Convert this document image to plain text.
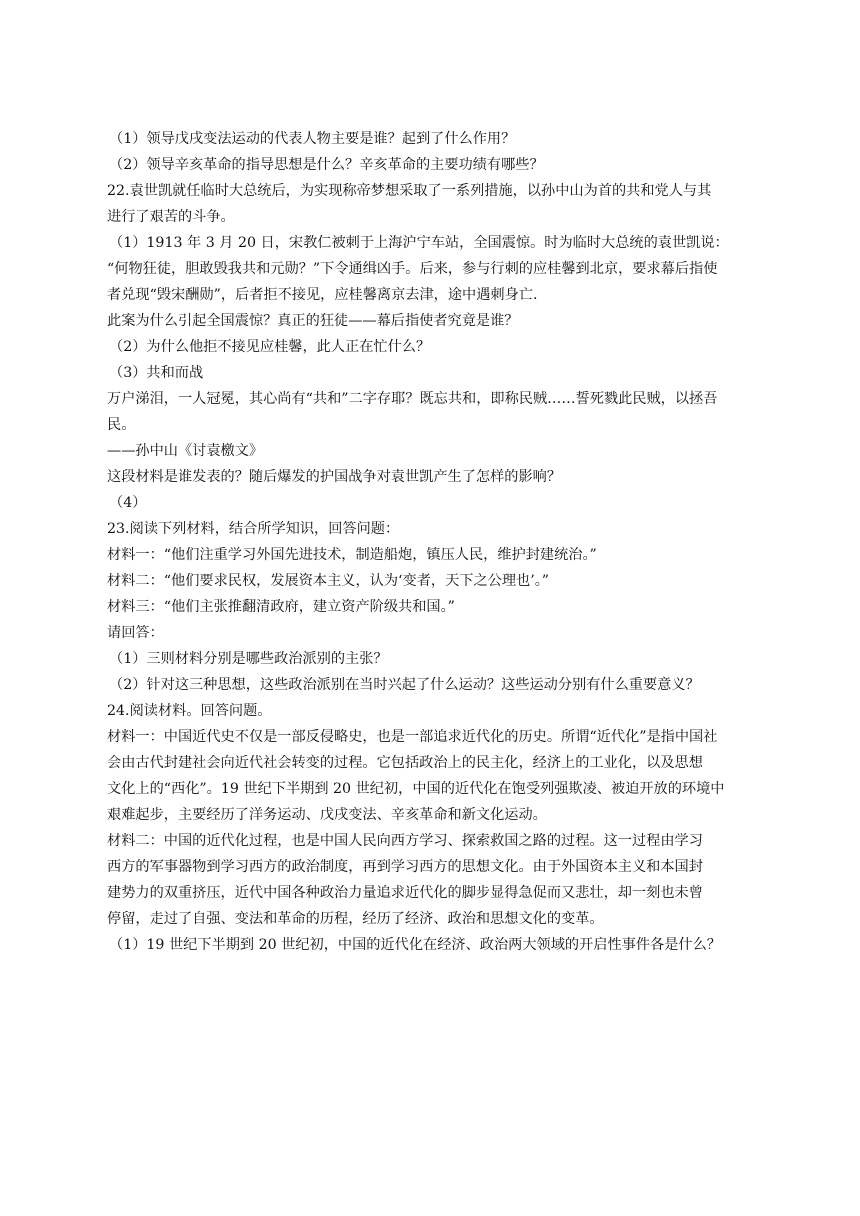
（1）领导戊戌变法运动的代表人物主要是谁？起到了什么作用？
（2）领导辛亥革命的指导思想是什么？辛亥革命的主要功绩有哪些？
22.袁世凯就任临时大总统后，为实现称帝梦想采取了一系列措施，以孙中山为首的共和党人与其
进行了艰苦的斗争。
（1）1913 年 3 月 20 日，宋教仁被刺于上海沪宁车站，全国震惊。时为临时大总统的袁世凯说：
“何物狂徒，胆敢毁我共和元勋？”下令通缉凶手。后来，参与行刺的应桂馨到北京，要求幕后指使
者兑现“毁宋酬勋”，后者拒不接见，应桂馨离京去津，途中遇刺身亡.
此案为什么引起全国震惊？真正的狂徒——幕后指使者究竟是谁？
（2）为什么他拒不接见应桂馨，此人正在忙什么？
（3）共和而战
万户涕泪，一人冠冕，其心尚有“共和”二字存耶？既忘共和，即称民贼……誓死戮此民贼，以拯吾
民。
——孙中山《讨袁檄文》
这段材料是谁发表的？随后爆发的护国战争对袁世凯产生了怎样的影响？
（4）
23.阅读下列材料，结合所学知识，回答问题：
材料一：“他们注重学习外国先进技术，制造船炮，镇压人民，维护封建统治。”
材料二：“他们要求民权，发展资本主义，认为‘变者，天下之公理也’。”
材料三：“他们主张推翻清政府，建立资产阶级共和国。”
请回答：
（1）三则材料分别是哪些政治派别的主张？
（2）针对这三种思想，这些政治派别在当时兴起了什么运动？这些运动分别有什么重要意义？
24.阅读材料。回答问题。
材料一：中国近代史不仅是一部反侵略史，也是一部追求近代化的历史。所谓“近代化”是指中国社
会由古代封建社会向近代社会转变的过程。它包括政治上的民主化，经济上的工业化，以及思想
文化上的“西化”。19 世纪下半期到 20 世纪初，中国的近代化在饱受列强欺凌、被迫开放的环境中
艰难起步，主要经历了洋务运动、戊戌变法、辛亥革命和新文化运动。
材料二：中国的近代化过程，也是中国人民向西方学习、探索救国之路的过程。这一过程由学习
西方的军事器物到学习西方的政治制度，再到学习西方的思想文化。由于外国资本主义和本国封
建势力的双重挤压，近代中国各种政治力量追求近代化的脚步显得急促而又悲壮，却一刻也未曾
停留，走过了自强、变法和革命的历程，经历了经济、政治和思想文化的变革。
（1）19 世纪下半期到 20 世纪初，中国的近代化在经济、政治两大领域的开启性事件各是什么？
